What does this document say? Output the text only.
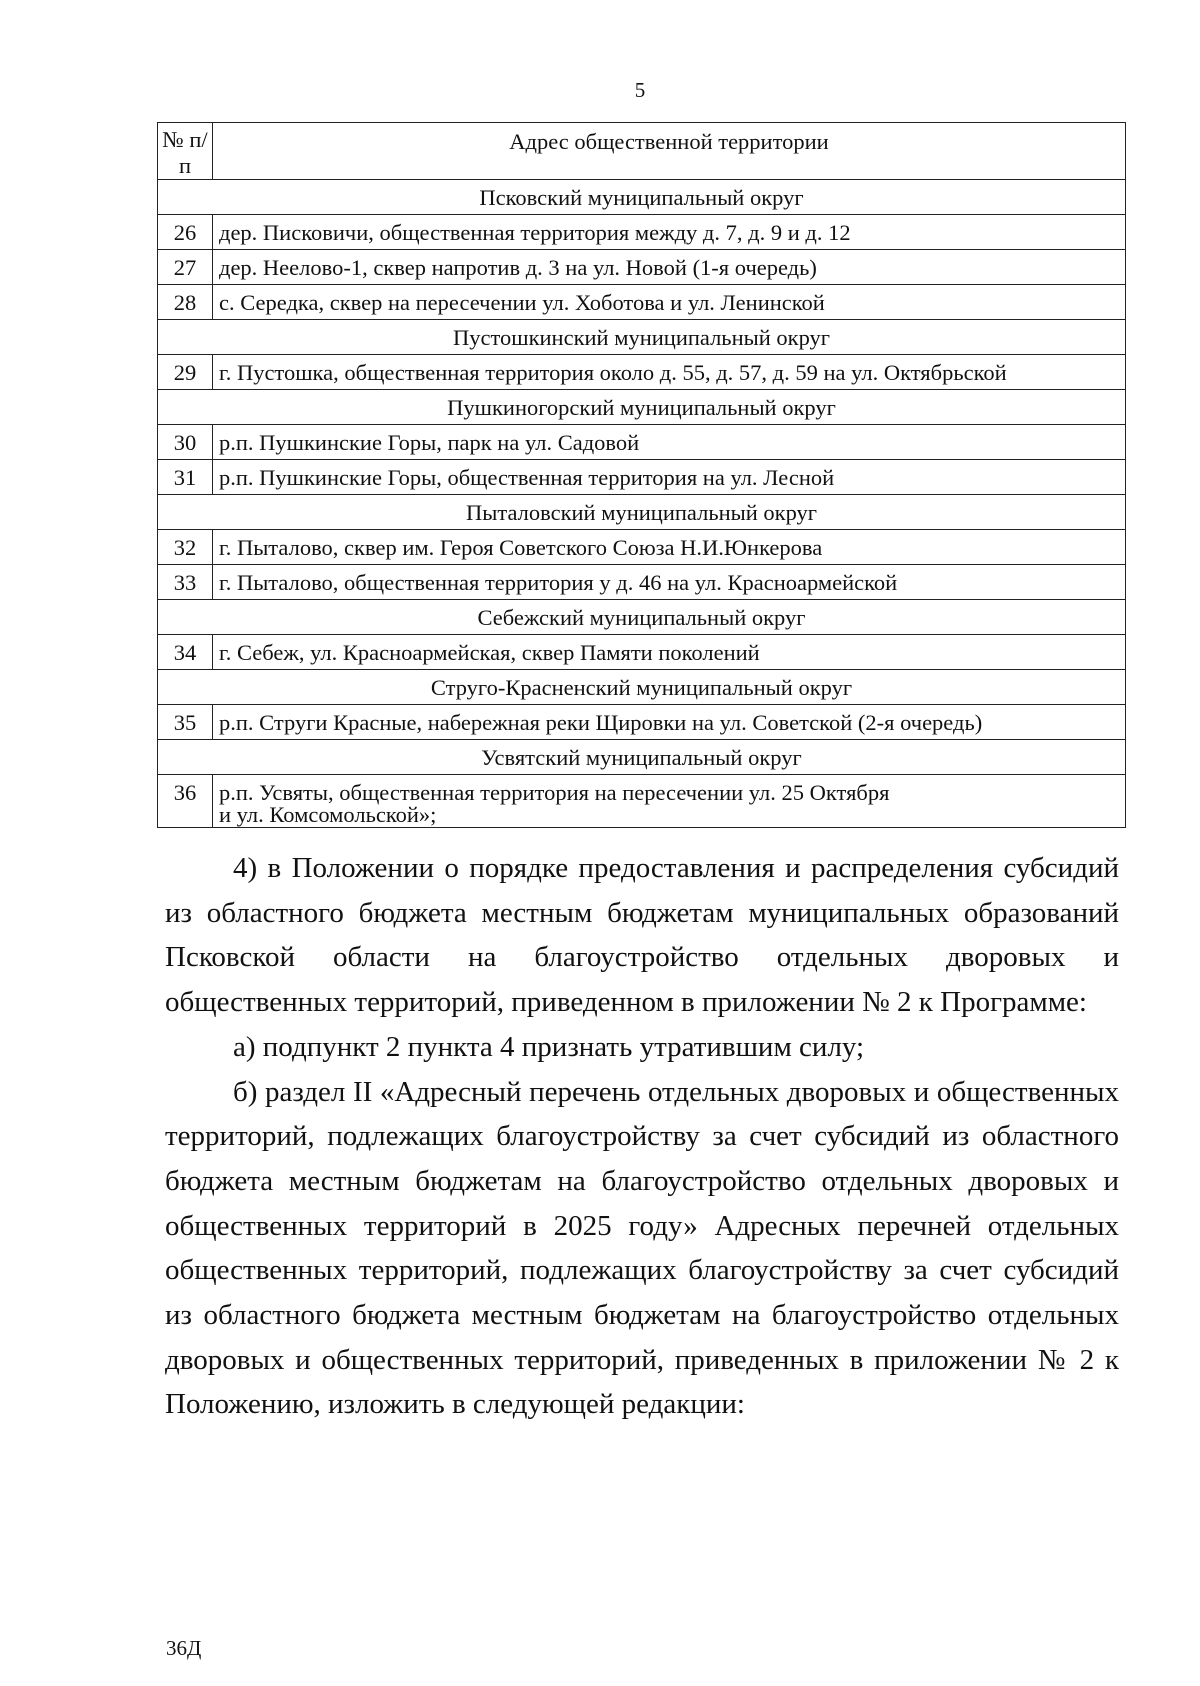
5
№ п/п	Адрес общественной территории
Псковский муниципальный округ	
26	дер. Писковичи, общественная территория между д. 7, д. 9 и д. 12
27	дер. Неелово-1, сквер напротив д. 3 на ул. Новой (1-я очередь)
28	с. Середка, сквер на пересечении ул. Хоботова и ул. Ленинской
Пустошкинский муниципальный округ	
29	г. Пустошка, общественная территория около д. 55, д. 57, д. 59 на ул. Октябрьской
Пушкиногорский муниципальный округ	
30	р.п. Пушкинские Горы, парк на ул. Садовой
31	р.п. Пушкинские Горы, общественная территория на ул. Лесной
Пыталовский муниципальный округ	
32	г. Пыталово, сквер им. Героя Советского Союза Н.И.Юнкерова
33	г. Пыталово, общественная территория у д. 46 на ул. Красноармейской
Себежский муниципальный округ	
34	г. Себеж, ул. Красноармейская, сквер Памяти поколений
Струго-Красненский муниципальный округ	
35	р.п. Струги Красные, набережная реки Щировки на ул. Советской (2-я очередь)
Усвятский муниципальный округ	
36	р.п. Усвяты, общественная территория на пересечении ул. 25 Октября
и ул. Комсомольской»;

4) в Положении о порядке предоставления и распределения субсидий из областного бюджета местным бюджетам муниципальных образований Псковской области на благоустройство отдельных дворовых и общественных территорий, приведенном в приложении № 2 к Программе:

а) подпункт 2 пункта 4 признать утратившим силу;

б) раздел II «Адресный перечень отдельных дворовых и общественных территорий, подлежащих благоустройству за счет субсидий из областного бюджета местным бюджетам на благоустройство отдельных дворовых и общественных территорий в 2025 году» Адресных перечней отдельных общественных территорий, подлежащих благоустройству за счет субсидий из областного бюджета местным бюджетам на благоустройство отдельных дворовых и общественных территорий, приведенных в приложении № 2 к Положению, изложить в следующей редакции:

36Д
